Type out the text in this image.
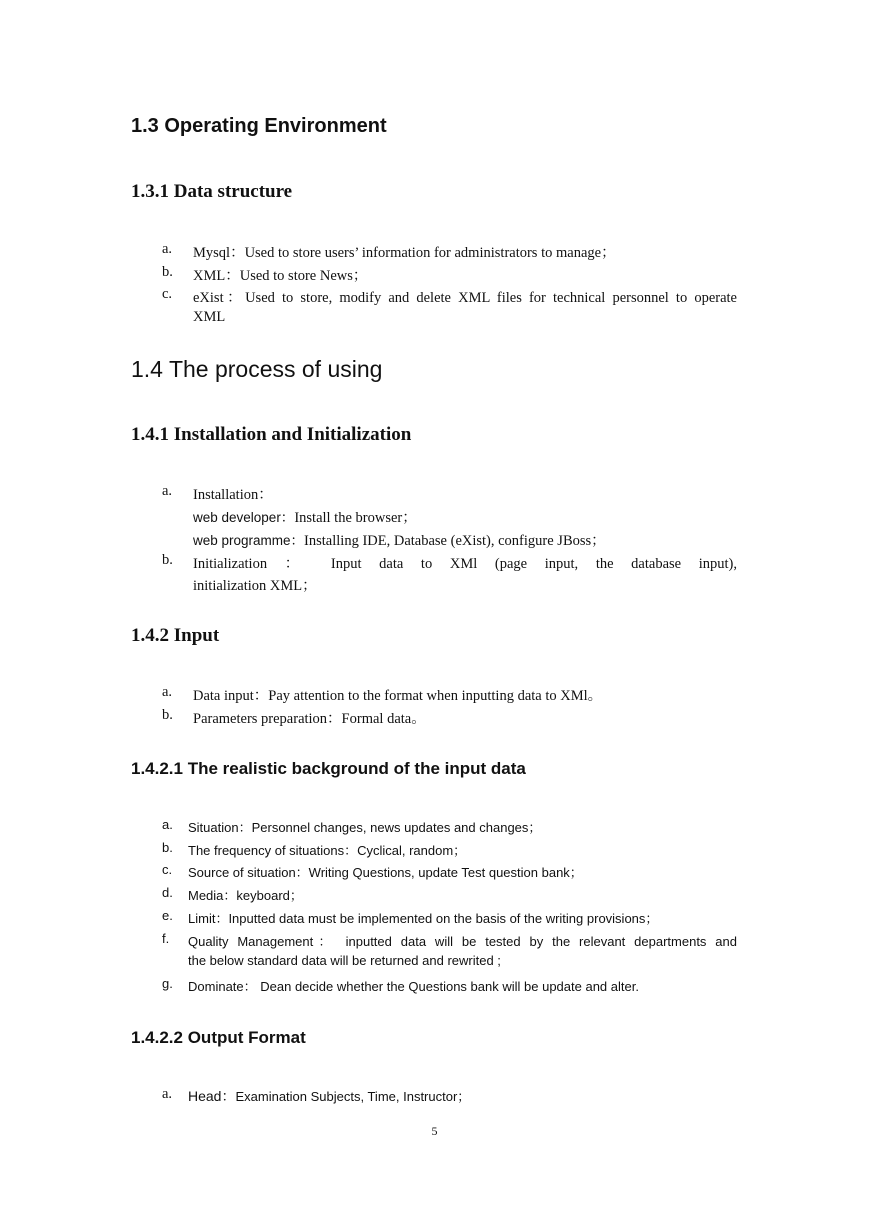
1.3 Operating Environment
1.3.1 Data structure
a. Mysql：Used to store users’ information for administrators to manage；
b. XML：Used to store News；
c. eXist：Used to store, modify and delete XML files for technical personnel to operate
XML
1.4 The process of using
1.4.1 Installation and Initialization
a. Installation：
web developer：Install the browser；
web programme：Installing IDE, Database (eXist), configure JBoss；
b. Initialization ： Input data to XMl (page input, the database input),
initialization XML；
1.4.2 Input
a. Data input：Pay attention to the format when inputting data to XMl。
b. Parameters preparation：Formal data。
1.4.2.1 The realistic background of the input data
a. Situation：Personnel changes, news updates and changes；
b. The frequency of situations：Cyclical, random；
c. Source of situation：Writing Questions, update Test question bank；
d. Media：keyboard；
e. Limit：Inputted data must be implemented on the basis of the writing provisions；
f. Quality Management： inputted data will be tested by the relevant departments and
the below standard data will be returned and rewrited ;
g. Dominate： Dean decide whether the Questions bank will be update and alter.
1.4.2.2 Output Format
a. Head：Examination Subjects, Time, Instructor；
5
